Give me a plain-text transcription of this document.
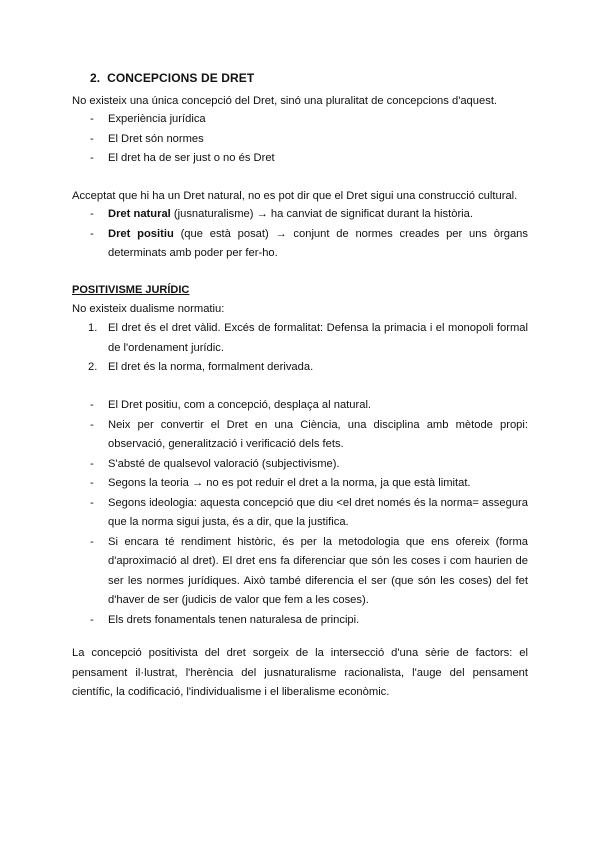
2. CONCEPCIONS DE DRET
No existeix una única concepció del Dret, sinó una pluralitat de concepcions d'aquest.
- Experiència jurídica
- El Dret són normes
- El dret ha de ser just o no és Dret
Acceptat que hi ha un Dret natural, no es pot dir que el Dret sigui una construcció cultural.
- Dret natural (jusnaturalisme) → ha canviat de significat durant la història.
- Dret positiu (que està posat) → conjunt de normes creades per uns òrgans determinats amb poder per fer-ho.
POSITIVISME JURÍDIC
No existeix dualisme normatiu:
1. El dret és el dret vàlid. Excés de formalitat: Defensa la primacia i el monopoli formal de l'ordenament jurídic.
2. El dret és la norma, formalment derivada.
- El Dret positiu, com a concepció, desplaça al natural.
- Neix per convertir el Dret en una Ciència, una disciplina amb mètode propi: observació, generalització i verificació dels fets.
- S'absté de qualsevol valoració (subjectivisme).
- Segons la teoria → no es pot reduir el dret a la norma, ja que està limitat.
- Segons ideologia: aquesta concepció que diu <el dret només és la norma= assegura que la norma sigui justa, és a dir, que la justifica.
- Si encara té rendiment històric, és per la metodologia que ens ofereix (forma d'aproximació al dret). El dret ens fa diferenciar que són les coses i com haurien de ser les normes jurídiques. Això també diferencia el ser (que són les coses) del fet d'haver de ser (judicis de valor que fem a les coses).
- Els drets fonamentals tenen naturalesa de principi.
La concepció positivista del dret sorgeix de la intersecció d'una sèrie de factors: el pensament il·lustrat, l'herència del jusnaturalisme racionalista, l'auge del pensament científic, la codificació, l'individualisme i el liberalisme econòmic.
